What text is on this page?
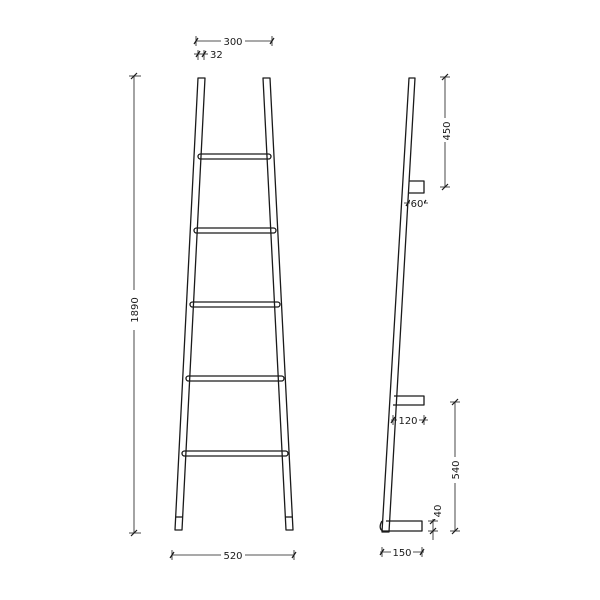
300
32
1890
520
450
60
120
540
40
150
